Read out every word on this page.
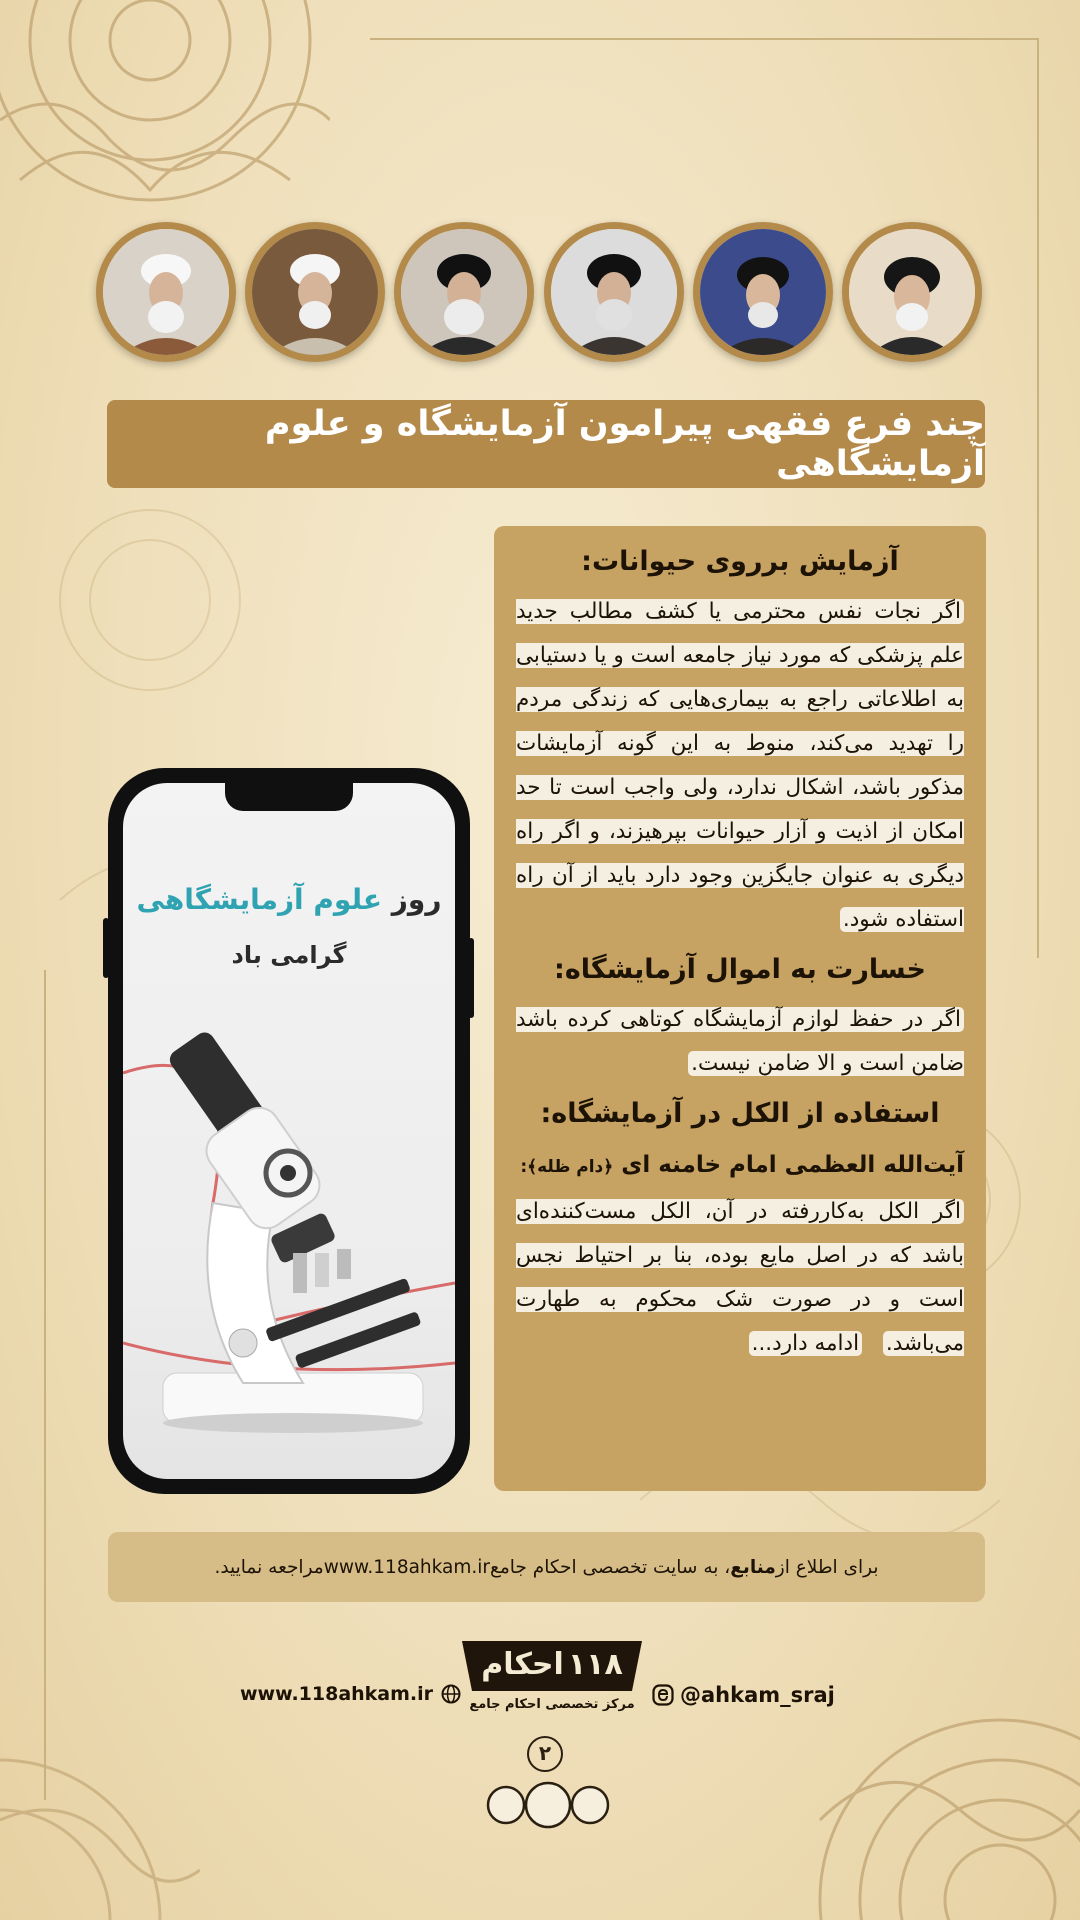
چند فرع فقهی پیرامون آزمایشگاه و علوم آزمایشگاهی
روز علوم آزمایشگاهی
گرامی باد
آزمایش برروی حیوانات:

اگر نجات نفس محترمی یا کشف مطالب جدید علم پزشکی که مورد نیاز جامعه است و یا دستیابی به اطلاعاتی راجع به بیماری‌هایی که زندگی مردم را تهدید می‌کند، منوط به این گونه آزمایشات مذکور باشد، اشکال ندارد، ولی واجب است تا حد امکان از اذیت و آزار حیوانات بپرهیزند، و اگر راه دیگری به عنوان جایگزین وجود دارد باید از آن راه استفاده شود.

خسارت به اموال آزمایشگاه:

اگر در حفظ لوازم آزمایشگاه کوتاهی کرده باشد ضامن است و الا ضامن نیست.

استفاده از الکل در آزمایشگاه:

آیت‌الله العظمی امام خامنه ای ﴿دام ظله﴾:

اگر الکل به‌کاررفته در آن، الکل مست‌کننده‌ای باشد که در اصل مایع بوده، بنا بر احتیاط نجس است و در صورت شک محکوم به طهارت می‌باشد. ادامه دارد...

برای اطلاع از
منابع
، به سایت تخصصی احکام جامع
www.118ahkam.ir
مراجعه نمایید.
۱۱۸احکام
مرکز تخصصی احکام جامع
www.118ahkam.ir	@ahkam_sraj
۲
